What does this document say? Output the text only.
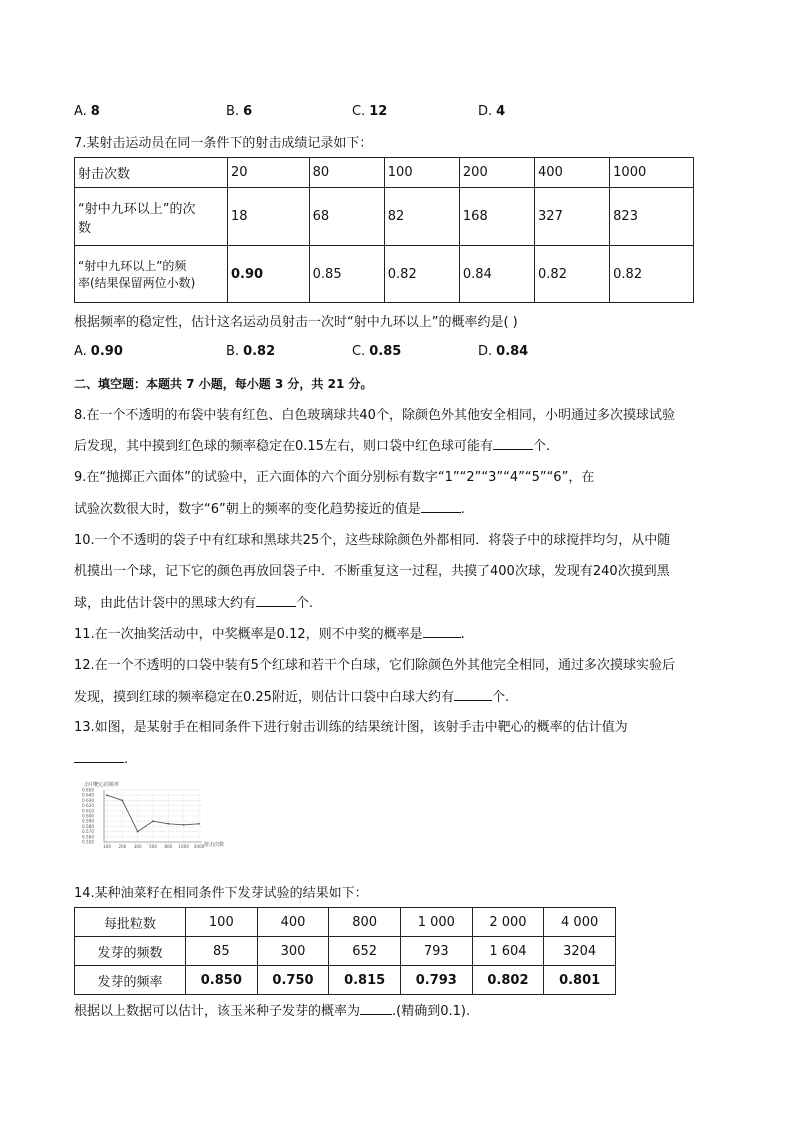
A. 8	B. 6	C. 12	D. 4
7.某射击运动员在同一条件下的射击成绩记录如下：
射击次数	20	80	100	200	400	1000

“射中九环以上”的次
数	18	68	82	168	327	823

“射中九环以上”的频
率(结果保留两位小数)	0.90	0.85	0.82	0.84	0.82	0.82
根据频率的稳定性，估计这名运动员射击一次时“射中九环以上”的概率约是( )
A. 0.90	B. 0.82	C. 0.85	D. 0.84
二、填空题：本题共 7 小题，每小题 3 分，共 21 分。
8.在一个不透明的布袋中装有红色、白色玻璃球共40个，除颜色外其他安全相同，小明通过多次摸球试验
后发现，其中摸到红色球的频率稳定在0.15左右，则口袋中红色球可能有	个.
9.在“抛掷正六面体”的试验中，正六面体的六个面分别标有数字“1”“2”“3”“4”“5”“6”，在
试验次数很大时，数字“6”朝上的频率的变化趋势接近的值是	.
10.一个不透明的袋子中有红球和黑球共25个，这些球除颜色外都相同．将袋子中的球搅拌均匀，从中随
机摸出一个球，记下它的颜色再放回袋子中．不断重复这一过程，共摸了400次球，发现有240次摸到黑
球，由此估计袋中的黑球大约有	个.
11.在一次抽奖活动中，中奖概率是0.12，则不中奖的概率是	.
12.在一个不透明的口袋中装有5个红球和若干个白球，它们除颜色外其他完全相同，通过多次摸球实验后
发现，摸到红球的频率稳定在0.25附近，则估计口袋中白球大约有	个.
13.如图，是某射手在相同条件下进行射击训练的结果统计图，该射手击中靶心的概率的估计值为
.
击中靶心的频率
0.650
0.640
0.630
0.620
0.610
0.600
0.590
0.580
0.570
0.560
0.550
100 200 300 500 800 1000 3000 射击次数
14.某种油菜籽在相同条件下发芽试验的结果如下：
每批粒数	100	400	800	1 000	2 000	4 000
发芽的频数	85	300	652	793	1 604	3204
发芽的频率	0.850	0.750	0.815	0.793	0.802	0.801
根据以上数据可以估计，该玉米种子发芽的概率为 .(精确到0.1).
